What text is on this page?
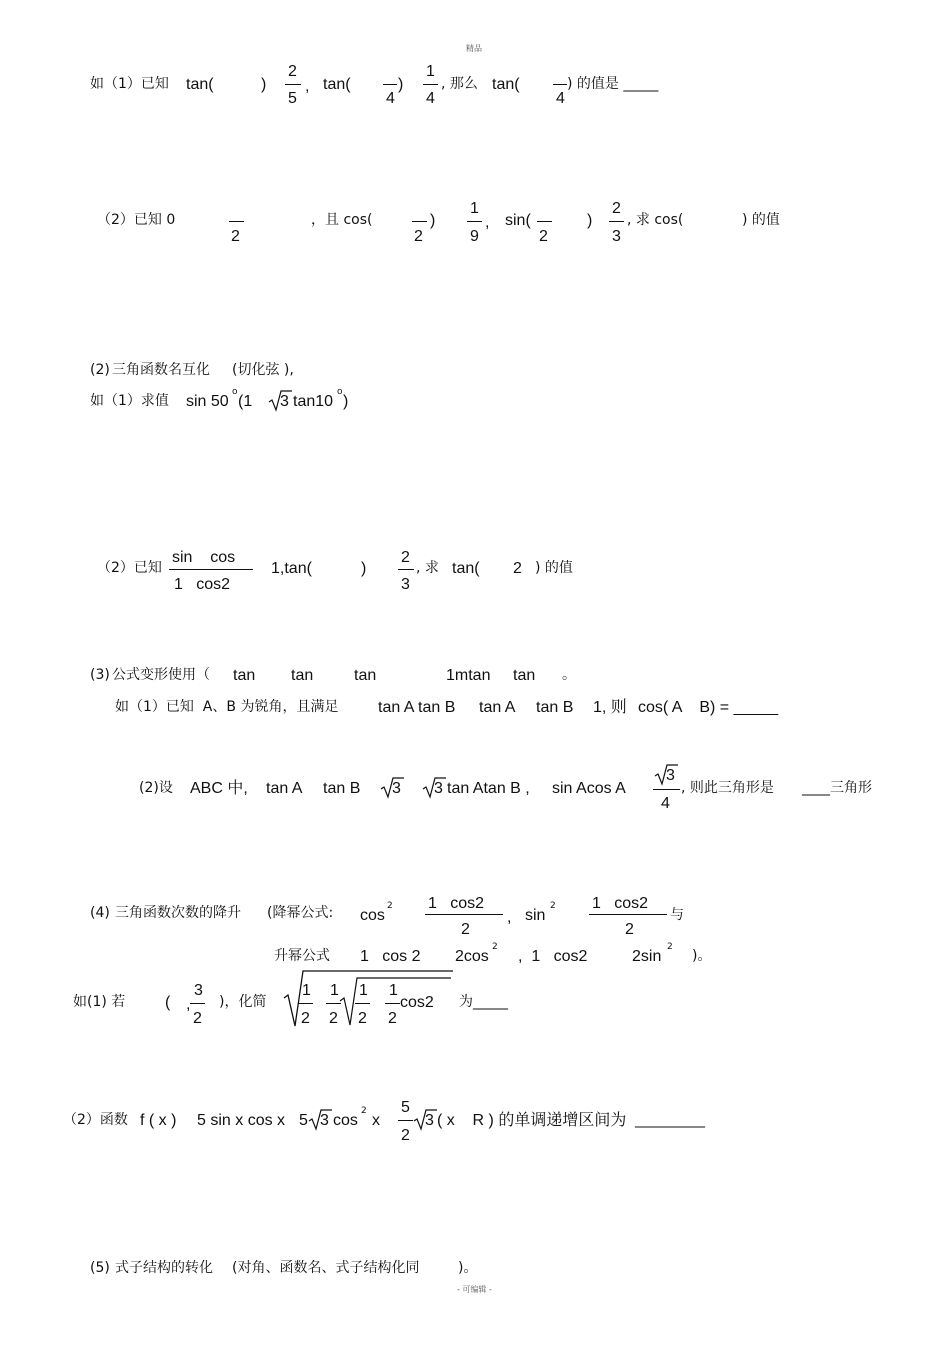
精品
- 可编辑 -
如（1）已知 tan(	)
2
5
, tan(
4
)
1
4
, 那么 tan(
4
) 的值是 _____
（2）已知 0
2
，且 cos(
2
)
1
9
, sin(
2
)
2
3
, 求 cos(	) 的值
(2) 三角函数名互化 (切化弦 ),
如（1）求值 sin 50
o
(1 3 tan10
o
)
（2）已知
sin    cos
1   cos2
1,tan(	)
2
3
, 求 tan( 2 ) 的值
(3) 公式变形使用（ tan tan	tan	1mtan tan 。
如（1）已知  A、B 为锐角，且满足 tan A tan B tan A tan B 1, 则 cos( A    B) = _____
(2)设 ABC 中, tan A tan B 3 3 tan Atan B , sin Acos A
3
4
, 则此三角形是 ____三角形
(4) 三角函数次数的降升 (降幂公式: cos
2 1   cos2
2
, sin
2 1   cos2
2
与
升幂公式 1   cos 2 2cos
2
,  1   cos2	2sin
2
)。
如(1) 若 ( ,
3
2
)，化简
1
2
1
2
1
2
1
2
cos2 为_____
（2）函数 f ( x ) 5 sin x cos x 5 3 cos
2
x
5
2
3 ( x    R ) 的单调递增区间为 __________
(5) 式子结构的转化 (对角、函数名、式子结构化同	)。
